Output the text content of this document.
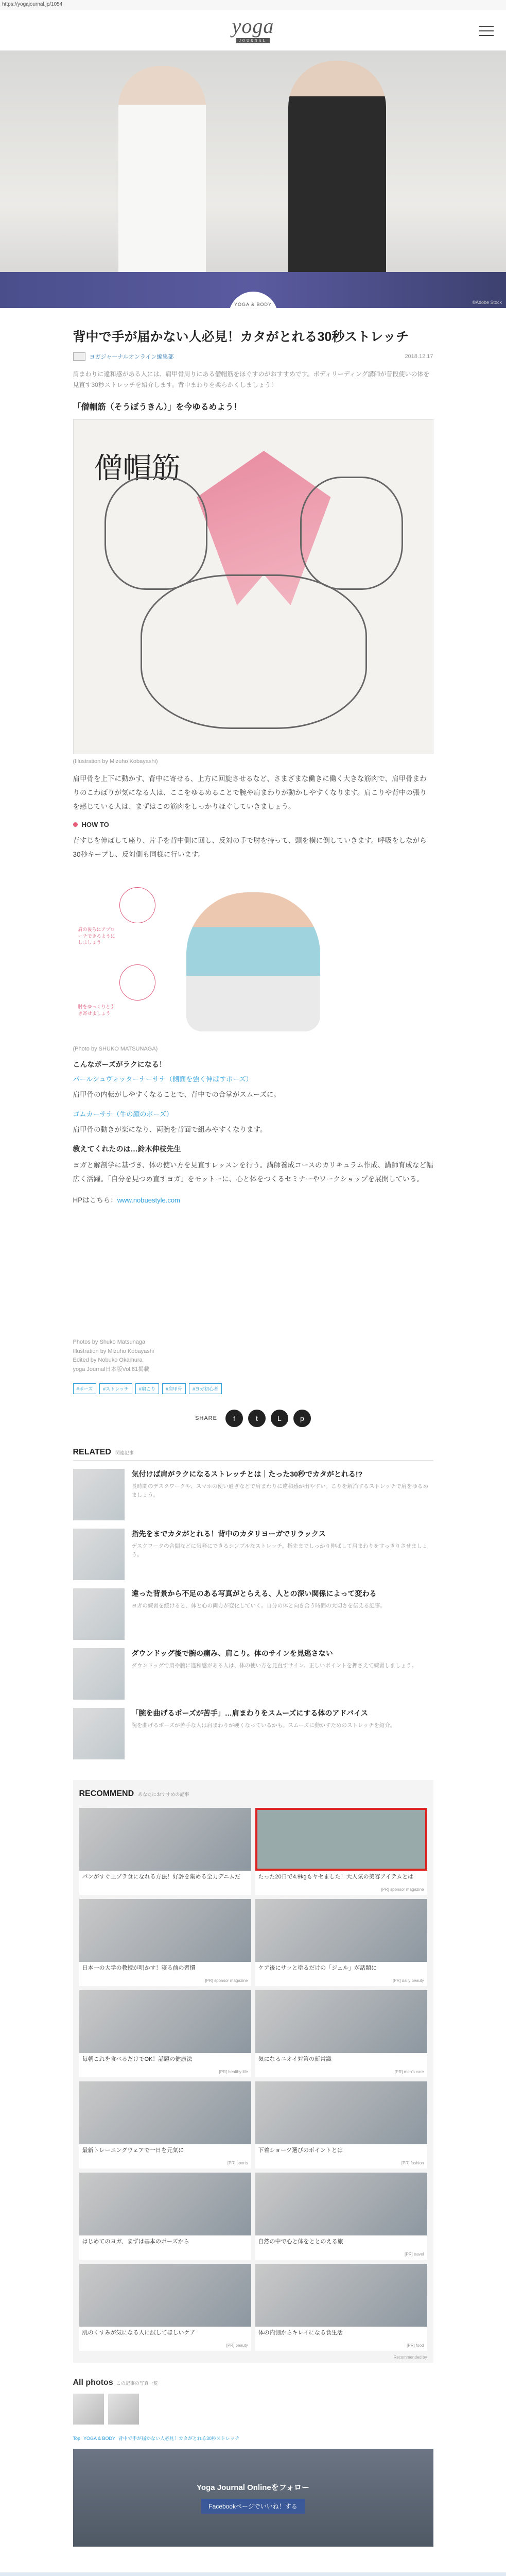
https://yogajournal.jp/1054
yoga
JOURNAL
©Adobe Stock
YOGA & BODY
背中で手が届かない人必見！カタがとれる30秒ストレッチ
ヨガジャーナルオンライン編集部	2018.12.17

肩まわりに違和感がある人には、肩甲骨周りにある僧帽筋をほぐすのがおすすめです。ボディリーディング講師が普段使いの体を見直す30秒ストレッチを紹介します。背中まわりを柔らかくしましょう！

「僧帽筋（そうぼうきん）」を今ゆるめよう！
僧帽筋
(Illustration by Mizuho Kobayashi)

肩甲骨を上下に動かす、背中に寄せる、上方に回旋させるなど、さまざまな働きに働く大きな筋肉で、肩甲骨まわりのこわばりが気になる人は、ここをゆるめることで腕や肩まわりが動かしやすくなります。肩こりや背中の張りを感じている人は、まずはこの筋肉をしっかりほぐしていきましょう。

HOW TO

背すじを伸ばして座り、片手を背中側に回し、反対の手で肘を持って、頭を横に倒していきます。呼吸をしながら30秒キープし、反対側も同様に行います。

肩の後ろにアプローチできるようにしましょう
肘をゆっくりと引き寄せましょう
(Photo by SHUKO MATSUNAGA)
こんなポーズがラクになる！
パールシュヴォッターナーサナ（側面を強く伸ばすポーズ）

肩甲骨の内転がしやすくなることで、背中での合掌がスムーズに。

ゴムカーサナ（牛の顔のポーズ）

肩甲骨の動きが楽になり、両腕を背面で組みやすくなります。

教えてくれたのは…鈴木伸枝先生

ヨガと解剖学に基づき、体の使い方を見直すレッスンを行う。講師養成コースのカリキュラム作成、講師育成など幅広く活躍。「自分を見つめ直すヨガ」をモットーに、心と体をつくるセミナーやワークショップを展開している。

HPはこちら：www.nobuestyle.com

Photos by Shuko Matsunaga
Illustration by Mizuho Kobayashi
Edited by Nobuko Okamura
yoga Journal日本版Vol.61掲載
#ポーズ	#ストレッチ	#肩こり	#肩甲骨	#ヨガ初心者
SHARE	f	t	L	p
RELATED 関連記事
気付けば肩がラクになるストレッチとは｜たった30秒でカタがとれる!?
長時間のデスクワークや、スマホの使い過ぎなどで肩まわりに違和感が出やすい。こりを解消するストレッチで肩をゆるめましょう。
指先をまでカタがとれる！背中のカタリヨーガでリラックス
デスクワークの合間などに気軽にできるシンプルなストレッチ。指先までしっかり伸ばして肩まわりをすっきりさせましょう。
違った背景から不足のある写真がとらえる、人との深い関係によって変わる
ヨガの練習を続けると、体と心の両方が変化していく。自分の体と向き合う時間の大切さを伝える記事。
ダウンドッグ後で腕の痛み、肩こり。体のサインを見逃さない
ダウンドッグで肩や腕に違和感がある人は、体の使い方を見直すサイン。正しいポイントを押さえて練習しましょう。
「腕を曲げるポーズが苦手」…肩まわりをスムーズにする体のアドバイス
腕を曲げるポーズが苦手な人は肩まわりが硬くなっているかも。スムーズに動かすためのストレッチを紹介。
RECOMMEND あなたにおすすめの記事
パンがすぐ上ブラ食になれる方法！好評を集める全力デニムだ	たった20日で4.9kgもヤセました！大人気の美容アイテムとは
[PR] sponsor magazine
日本一の大学の教授が明かす！寝る前の習慣
[PR] sponsor magazine
ケア後にサッと塗るだけの「ジェル」が話題に
[PR] daily beauty
毎朝これを食べるだけでOK！話題の健康法
[PR] healthy life
気になるニオイ対策の新常識
[PR] men's care
最新トレーニングウェアで一日を元気に
[PR] sports
下着ショーツ選びのポイントとは
[PR] fashion
はじめてのヨガ、まずは基本のポーズから	自然の中で心と体をととのえる旅
[PR] travel
肌のくすみが気になる人に試してほしいケア
[PR] beauty
体の内側からキレイになる食生活
[PR] food
Recommended by
All photos この記事の写真一覧
Top YOGA & BODY 背中で手が届かない人必見！カタがとれる30秒ストレッチ
Yoga Journal Onlineをフォロー
Facebookページでいいね！する
